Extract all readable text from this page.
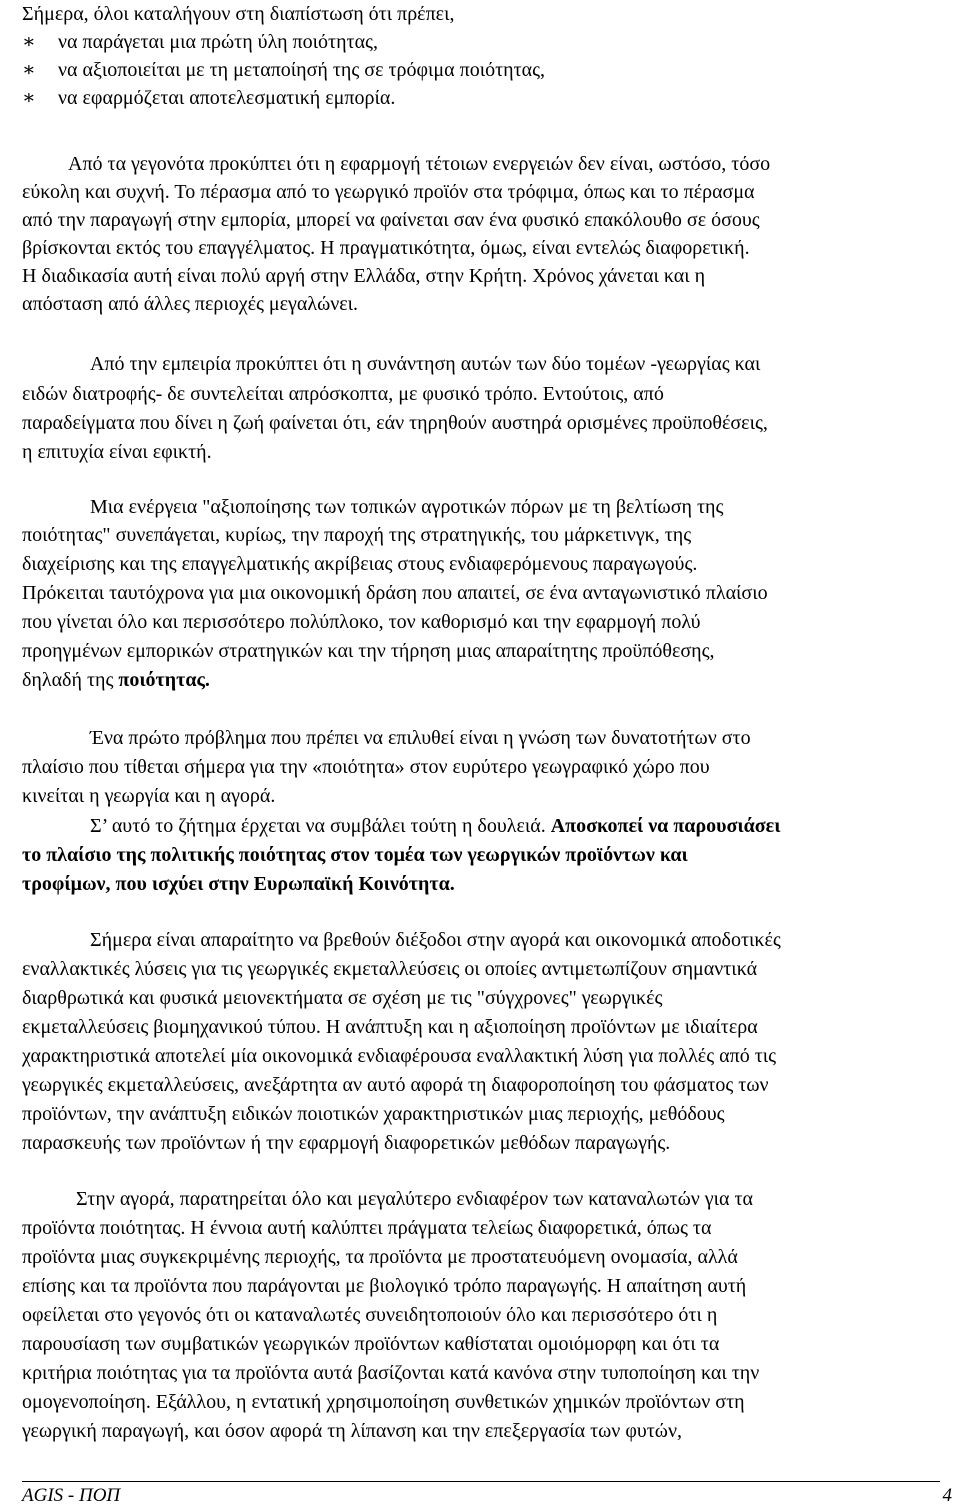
Σήμερα, όλοι καταλήγουν στη διαπίστωση ότι πρέπει,
∗ να παράγεται μια πρώτη ύλη ποιότητας,
∗ να αξιοποιείται με τη μεταποίησή της σε τρόφιμα ποιότητας,
∗ να εφαρμόζεται αποτελεσματική εμπορία.
Από τα γεγονότα προκύπτει ότι η εφαρμογή τέτοιων ενεργειών δεν είναι, ωστόσο, τόσο
εύκολη και συχνή. Το πέρασμα από το γεωργικό προϊόν στα τρόφιμα, όπως και το πέρασμα
από την παραγωγή στην εμπορία, μπορεί να φαίνεται σαν ένα φυσικό επακόλουθο σε όσους
βρίσκονται εκτός του επαγγέλματος. Η πραγματικότητα, όμως, είναι εντελώς διαφορετική.
Η διαδικασία αυτή είναι πολύ αργή στην Ελλάδα, στην Κρήτη. Χρόνος χάνεται και η
απόσταση από άλλες περιοχές μεγαλώνει.
Από την εμπειρία προκύπτει ότι η συνάντηση αυτών των δύο τομέων -γεωργίας και
ειδών διατροφής- δε συντελείται απρόσκοπτα, με φυσικό τρόπο. Εντούτοις, από
παραδείγματα που δίνει η ζωή φαίνεται ότι, εάν τηρηθούν αυστηρά ορισμένες προϋποθέσεις,
η επιτυχία είναι εφικτή.
Μια ενέργεια "αξιοποίησης των τοπικών αγροτικών πόρων με τη βελτίωση της
ποιότητας" συνεπάγεται, κυρίως, την παροχή της στρατηγικής, του μάρκετινγκ, της
διαχείρισης και της επαγγελματικής ακρίβειας στους ενδιαφερόμενους παραγωγούς.
Πρόκειται ταυτόχρονα για μια οικονομική δράση που απαιτεί, σε ένα ανταγωνιστικό πλαίσιο
που γίνεται όλο και περισσότερο πολύπλοκο, τον καθορισμό και την εφαρμογή πολύ
προηγμένων εμπορικών στρατηγικών και την τήρηση μιας απαραίτητης προϋπόθεσης,
δηλαδή της ποιότητας.
Ένα πρώτο πρόβλημα που πρέπει να επιλυθεί είναι η γνώση των δυνατοτήτων στο
πλαίσιο που τίθεται σήμερα για την «ποιότητα» στον ευρύτερο γεωγραφικό χώρο που
κινείται η γεωργία και η αγορά.
Σ’ αυτό το ζήτημα έρχεται να συμβάλει τούτη η δουλειά. Αποσκοπεί να παρουσιάσει
το πλαίσιο της πολιτικής ποιότητας στον τομέα των γεωργικών προϊόντων και
τροφίμων, που ισχύει στην Ευρωπαϊκή Κοινότητα.
Σήμερα είναι απαραίτητο να βρεθούν διέξοδοι στην αγορά και οικονομικά αποδοτικές
εναλλακτικές λύσεις για τις γεωργικές εκμεταλλεύσεις οι οποίες αντιμετωπίζουν σημαντικά
διαρθρωτικά και φυσικά μειονεκτήματα σε σχέση με τις "σύγχρονες" γεωργικές
εκμεταλλεύσεις βιομηχανικού τύπου. Η ανάπτυξη και η αξιοποίηση προϊόντων με ιδιαίτερα
χαρακτηριστικά αποτελεί μία οικονομικά ενδιαφέρουσα εναλλακτική λύση για πολλές από τις
γεωργικές εκμεταλλεύσεις, ανεξάρτητα αν αυτό αφορά τη διαφοροποίηση του φάσματος των
προϊόντων, την ανάπτυξη ειδικών ποιοτικών χαρακτηριστικών μιας περιοχής, μεθόδους
παρασκευής των προϊόντων ή την εφαρμογή διαφορετικών μεθόδων παραγωγής.
Στην αγορά, παρατηρείται όλο και μεγαλύτερο ενδιαφέρον των καταναλωτών για τα
προϊόντα ποιότητας. Η έννοια αυτή καλύπτει πράγματα τελείως διαφορετικά, όπως τα
προϊόντα μιας συγκεκριμένης περιοχής, τα προϊόντα με προστατευόμενη ονομασία, αλλά
επίσης και τα προϊόντα που παράγονται με βιολογικό τρόπο παραγωγής. Η απαίτηση αυτή
οφείλεται στο γεγονός ότι οι καταναλωτές συνειδητοποιούν όλο και περισσότερο ότι η
παρουσίαση των συμβατικών γεωργικών προϊόντων καθίσταται ομοιόμορφη και ότι τα
κριτήρια ποιότητας για τα προϊόντα αυτά βασίζονται κατά κανόνα στην τυποποίηση και την
ομογενοποίηση. Εξάλλου, η εντατική χρησιμοποίηση συνθετικών χημικών προϊόντων στη
γεωργική παραγωγή, και όσον αφορά τη λίπανση και την επεξεργασία των φυτών,
AGIS - ΠΟΠ	4
